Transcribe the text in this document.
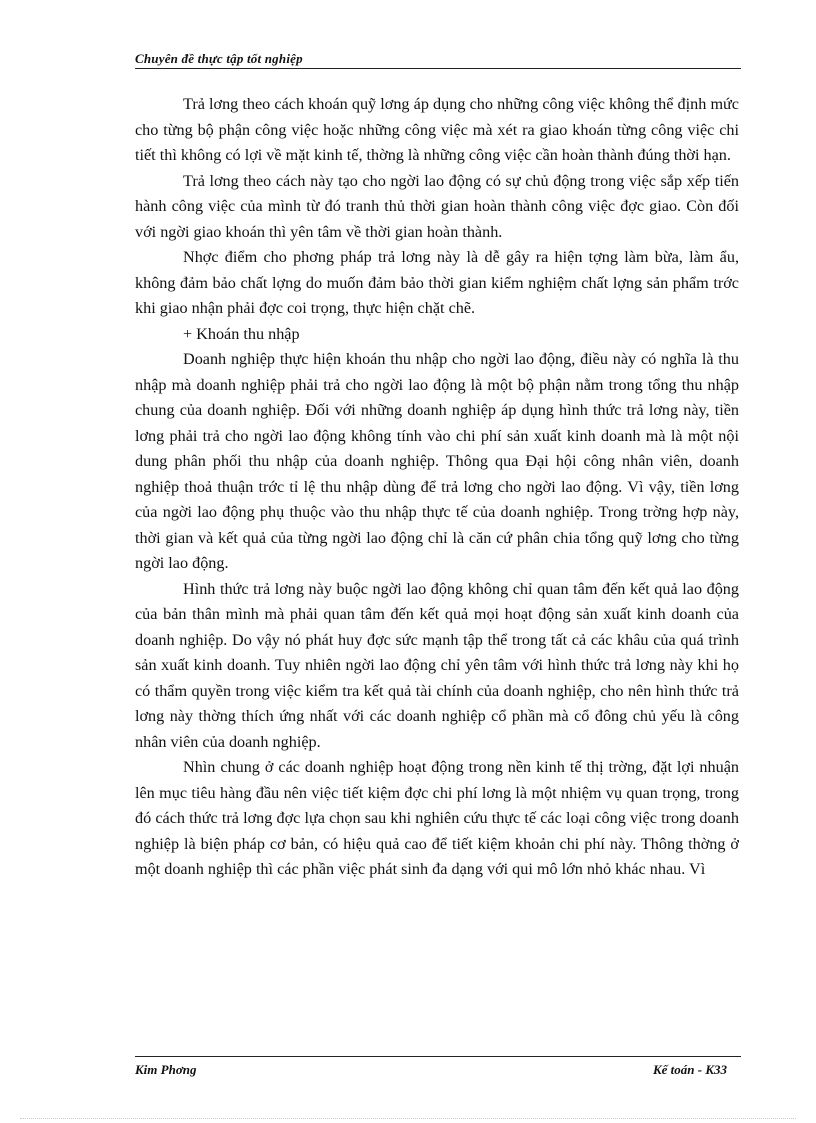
Chuyên đề thực tập tốt nghiệp

Trả lơng theo cách khoán quỹ lơng áp dụng cho những công việc không thể định mức cho từng bộ phận công việc hoặc những công việc mà xét ra giao khoán từng công việc chi tiết thì không có lợi về mặt kinh tế, thờng là những công việc cần hoàn thành đúng thời hạn.

Trả lơng theo cách này tạo cho ngời lao động có sự chủ động trong việc sắp xếp tiến hành công việc của mình từ đó tranh thủ thời gian hoàn thành công việc đợc giao. Còn đối với ngời giao khoán thì yên tâm về thời gian hoàn thành.

Nhợc điểm cho phơng pháp trả lơng này là dễ gây ra hiện tợng làm bừa, làm ẩu, không đảm bảo chất lợng do muốn đảm bảo thời gian kiểm nghiệm chất lợng sản phẩm trớc khi giao nhận phải đợc coi trọng, thực hiện chặt chẽ.

+ Khoán thu nhập

Doanh nghiệp thực hiện khoán thu nhập cho ngời lao động, điều này có nghĩa là thu nhập mà doanh nghiệp phải trả cho ngời lao động là một bộ phận nằm trong tổng thu nhập chung của doanh nghiệp. Đối với những doanh nghiệp áp dụng hình thức trả lơng này, tiền lơng phải trả cho ngời lao động không tính vào chi phí sản xuất kinh doanh mà là một nội dung phân phối thu nhập của doanh nghiệp. Thông qua Đại hội công nhân viên, doanh nghiệp thoả thuận trớc tỉ lệ thu nhập dùng để trả lơng cho ngời lao động. Vì vậy, tiền lơng của ngời lao động phụ thuộc vào thu nhập thực tế của doanh nghiệp. Trong trờng hợp này, thời gian và kết quả của từng ngời lao động chỉ là căn cứ phân chia tổng quỹ lơng cho từng ngời lao động.

Hình thức trả lơng này buộc ngời lao động không chỉ quan tâm đến kết quả lao động của bản thân mình mà phải quan tâm đến kết quả mọi hoạt động sản xuất kinh doanh của doanh nghiệp. Do vậy nó phát huy đợc sức mạnh tập thể trong tất cả các khâu của quá trình sản xuất kinh doanh. Tuy nhiên ngời lao động chỉ yên tâm với hình thức trả lơng này khi họ có thẩm quyền trong việc kiểm tra kết quả tài chính của doanh nghiệp, cho nên hình thức trả lơng này thờng thích ứng nhất với các doanh nghiệp cổ phần mà cổ đông chủ yếu là công nhân viên của doanh nghiệp.

Nhìn chung ở các doanh nghiệp hoạt động trong nền kinh tế thị trờng, đặt lợi nhuận lên mục tiêu hàng đầu nên việc tiết kiệm đợc chi phí lơng là một nhiệm vụ quan trọng, trong đó cách thức trả lơng đợc lựa chọn sau khi nghiên cứu thực tế các loại công việc trong doanh nghiệp là biện pháp cơ bản, có hiệu quả cao để tiết kiệm khoản chi phí này. Thông thờng ở một doanh nghiệp thì các phần việc phát sinh đa dạng với qui mô lớn nhỏ khác nhau. Vì

Kim Phơng	Kế toán - K33
